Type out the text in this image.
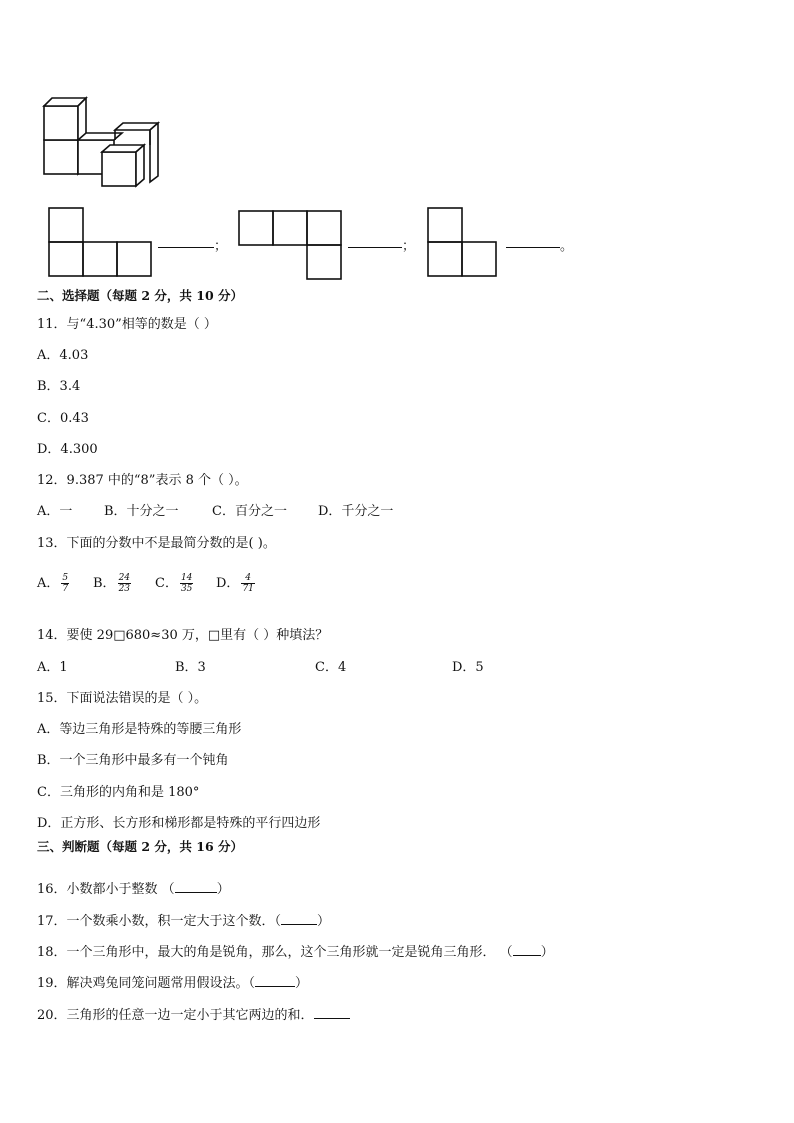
；	；	。
二、选择题（每题 2 分，共 10 分）
11．与“4.30”相等的数是（ ）
A．4.03
B．3.4
C．0.43
D．4.300
12．9.387 中的“8”表示 8 个（ ）。
A．一 B．十分之一	C．百分之一 D．千分之一
13．下面的分数中不是最简分数的是( )。
A． $\frac{5}{7}$ B． $\frac{24}{23}$ C． $\frac{14}{35}$ D． $\frac{4}{71}$
14．要使 29□680≈30 万，□里有（ ）种填法？
A．1	B．3	C．4	D．5
15．下面说法错误的是（ ）。
A．等边三角形是特殊的等腰三角形
B．一个三角形中最多有一个钝角
C．三角形的内角和是 180°
D．正方形、长方形和梯形都是特殊的平行四边形
三、判断题（每题 2 分，共 16 分）
16．小数都小于整数 （	）
17．一个数乘小数，积一定大于这个数．（	）
18．一个三角形中，最大的角是锐角，那么，这个三角形就一定是锐角三角形． （ ）
19．解决鸡兔同笼问题常用假设法。（	）
20．三角形的任意一边一定小于其它两边的和．
